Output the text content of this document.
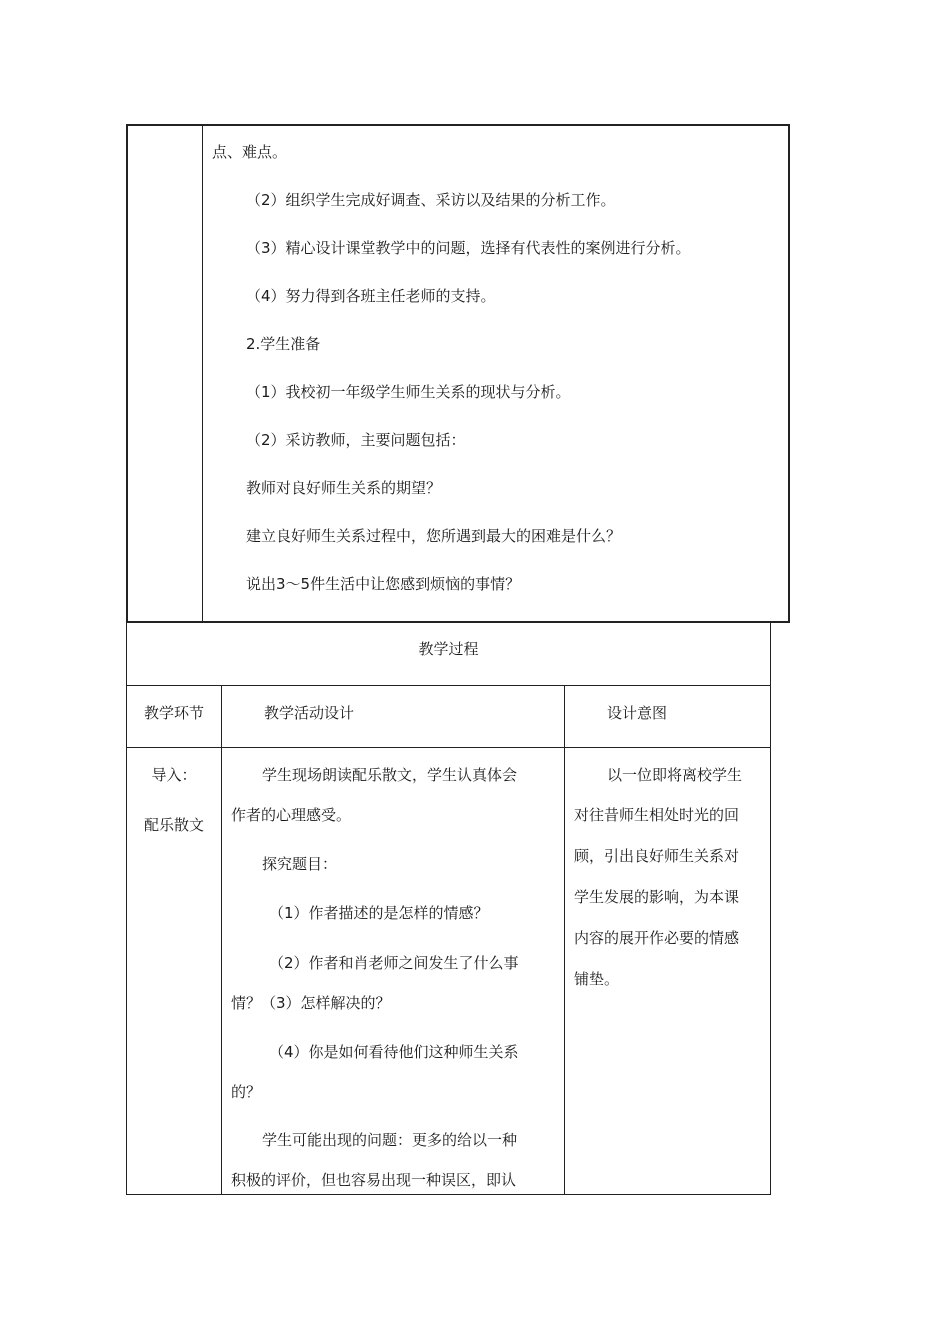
点、难点。
（2）组织学生完成好调查、采访以及结果的分析工作。
（3）精心设计课堂教学中的问题，选择有代表性的案例进行分析。
（4）努力得到各班主任老师的支持。
2.学生准备
（1）我校初一年级学生师生关系的现状与分析。
（2）采访教师，主要问题包括：
教师对良好师生关系的期望？
建立良好师生关系过程中，您所遇到最大的困难是什么？
说出3～5件生活中让您感到烦恼的事情？
教学过程
教学环节	教学活动设计	设计意图
导入：
配乐散文
学生现场朗读配乐散文，学生认真体会
作者的心理感受。
探究题目：
（1）作者描述的是怎样的情感？
（2）作者和肖老师之间发生了什么事
情？（3）怎样解决的？
（4）你是如何看待他们这种师生关系
的？
学生可能出现的问题：更多的给以一种
积极的评价，但也容易出现一种误区，即认
以一位即将离校学生
对往昔师生相处时光的回
顾，引出良好师生关系对
学生发展的影响，为本课
内容的展开作必要的情感
铺垫。
